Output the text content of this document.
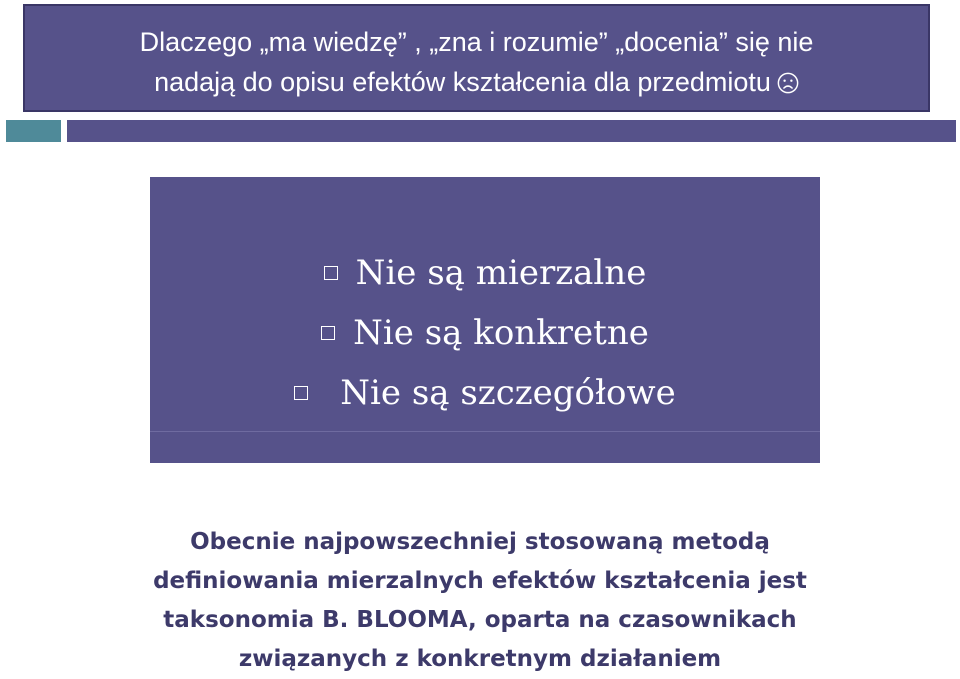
Dlaczego „ma wiedzę” , „zna i rozumie” „docenia” się nie
nadają do opisu efektów kształcenia dla przedmiotu
Nie są mierzalne
Nie są konkretne
Nie są szczegółowe
Obecnie najpowszechniej stosowaną metodą
definiowania mierzalnych efektów kształcenia jest
taksonomia B. BLOOMA, oparta na czasownikach
związanych z konkretnym działaniem
